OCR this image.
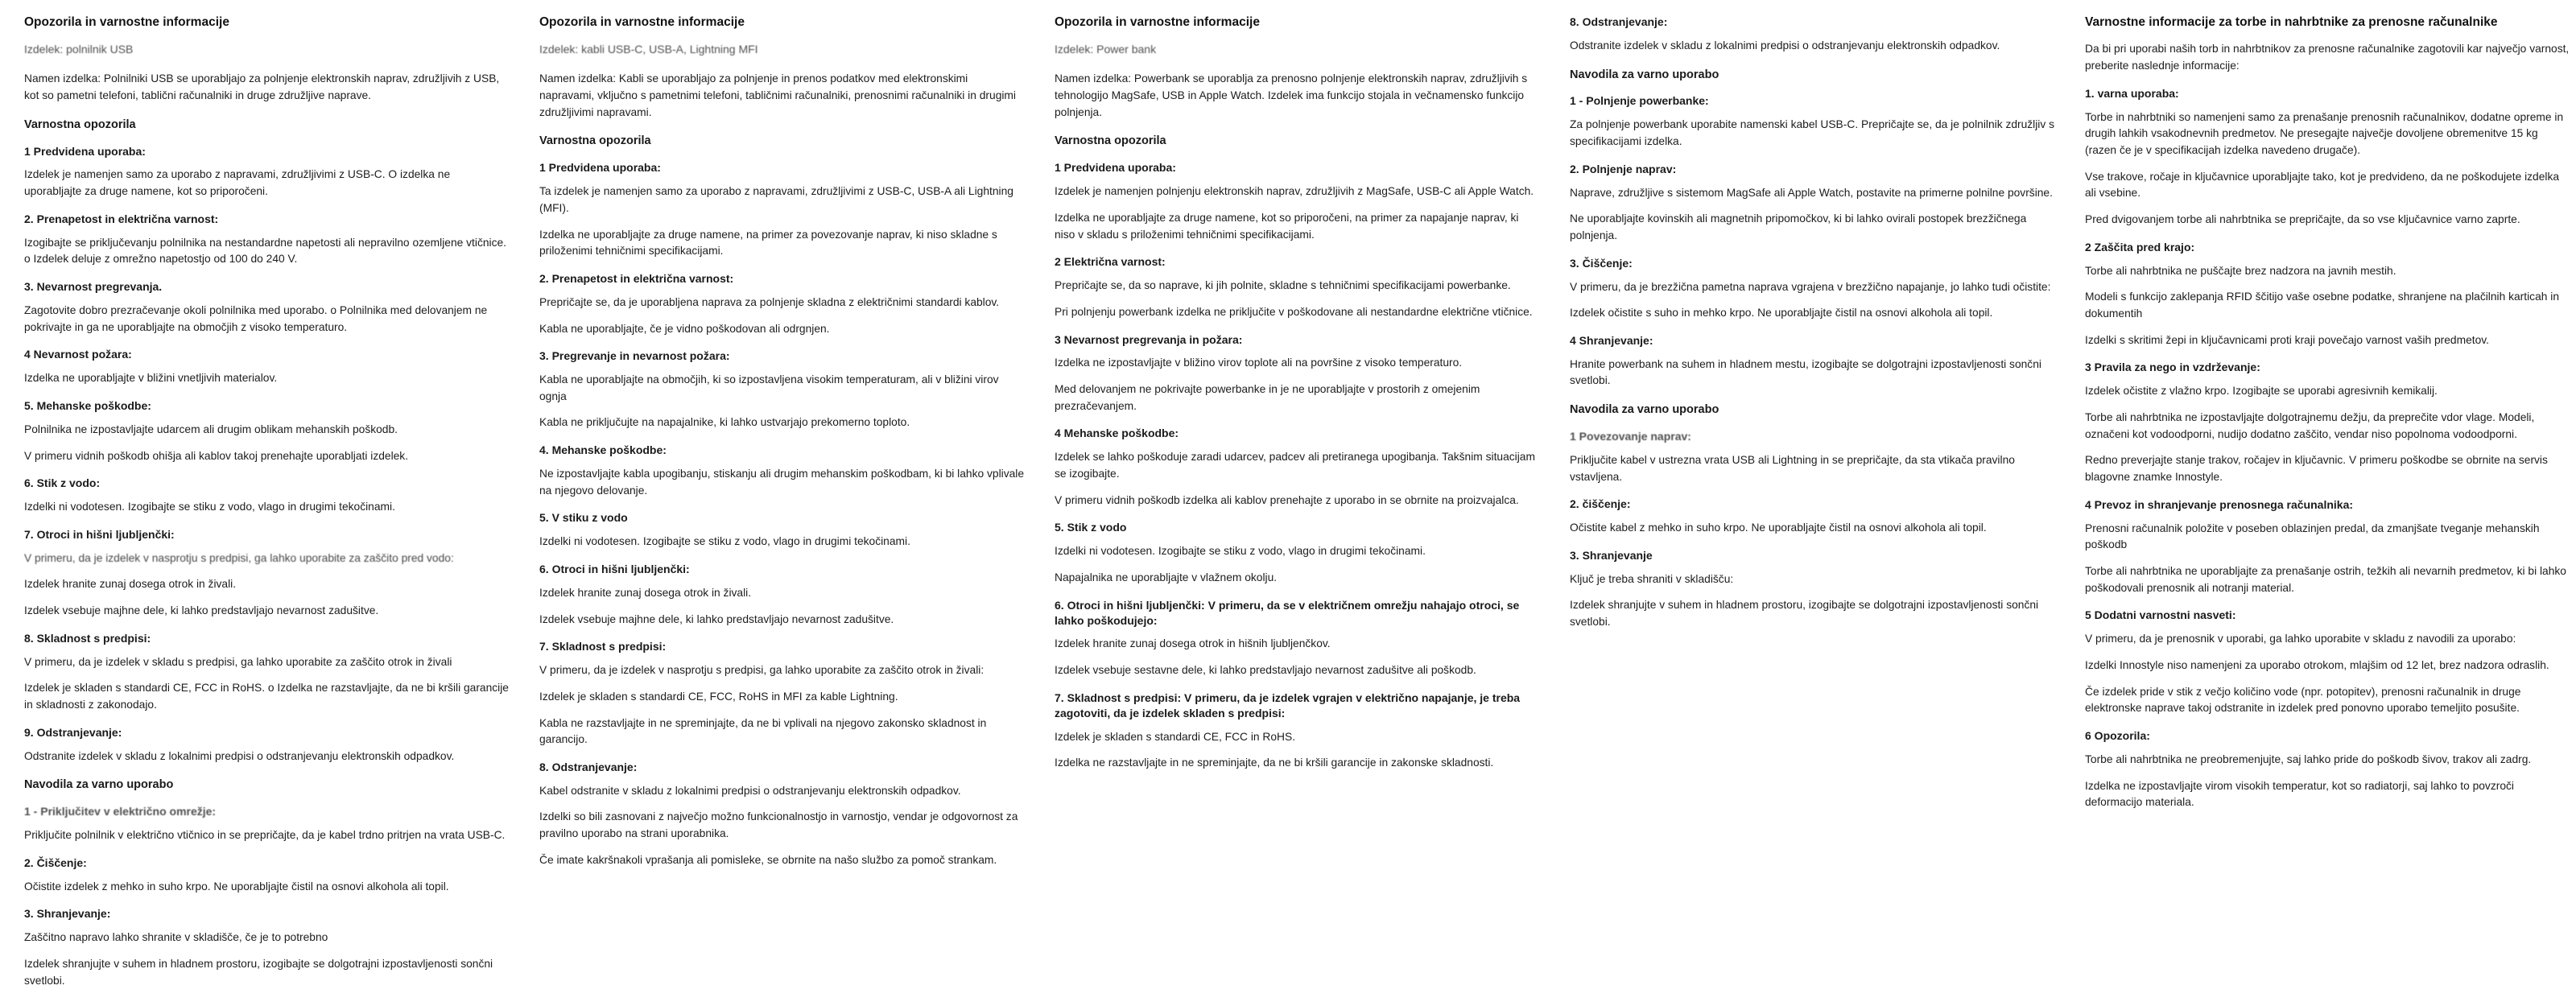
Opozorila in varnostne informacije
Izdelek: polnilnik USB

Namen izdelka: Polnilniki USB se uporabljajo za polnjenje elektronskih naprav, združljivih z USB, kot so pametni telefoni, tablični računalniki in druge združljive naprave.

Varnostna opozorila
1 Predvidena uporaba:

Izdelek je namenjen samo za uporabo z napravami, združljivimi z USB-C. O izdelka ne uporabljajte za druge namene, kot so priporočeni.

2. Prenapetost in električna varnost:

Izogibajte se priključevanju polnilnika na nestandardne napetosti ali nepravilno ozemljene vtičnice. o Izdelek deluje z omrežno napetostjo od 100 do 240 V.

3. Nevarnost pregrevanja.

Zagotovite dobro prezračevanje okoli polnilnika med uporabo. o Polnilnika med delovanjem ne pokrivajte in ga ne uporabljajte na območjih z visoko temperaturo.

4 Nevarnost požara:

Izdelka ne uporabljajte v bližini vnetljivih materialov.

5. Mehanske poškodbe:

Polnilnika ne izpostavljajte udarcem ali drugim oblikam mehanskih poškodb.

V primeru vidnih poškodb ohišja ali kablov takoj prenehajte uporabljati izdelek.

6. Stik z vodo:

Izdelki ni vodotesen. Izogibajte se stiku z vodo, vlago in drugimi tekočinami.

7. Otroci in hišni ljubljenčki:

V primeru, da je izdelek v nasprotju s predpisi, ga lahko uporabite za zaščito pred vodo:

Izdelek hranite zunaj dosega otrok in živali.

Izdelek vsebuje majhne dele, ki lahko predstavljajo nevarnost zadušitve.

8. Skladnost s predpisi:

V primeru, da je izdelek v skladu s predpisi, ga lahko uporabite za zaščito otrok in živali

Izdelek je skladen s standardi CE, FCC in RoHS. o Izdelka ne razstavljajte, da ne bi kršili garancije in skladnosti z zakonodajo.

9. Odstranjevanje:

Odstranite izdelek v skladu z lokalnimi predpisi o odstranjevanju elektronskih odpadkov.

Navodila za varno uporabo
1 - Priključitev v električno omrežje:

Priključite polnilnik v električno vtičnico in se prepričajte, da je kabel trdno pritrjen na vrata USB-C.

2. Čiščenje:

Očistite izdelek z mehko in suho krpo. Ne uporabljajte čistil na osnovi alkohola ali topil.

3. Shranjevanje:

Zaščitno napravo lahko shranite v skladišče, če je to potrebno

Izdelek shranjujte v suhem in hladnem prostoru, izogibajte se dolgotrajni izpostavljenosti sončni svetlobi.

Opozorila in varnostne informacije
Izdelek: kabli USB-C, USB-A, Lightning MFI

Namen izdelka: Kabli se uporabljajo za polnjenje in prenos podatkov med elektronskimi napravami, vključno s pametnimi telefoni, tabličnimi računalniki, prenosnimi računalniki in drugimi združljivimi napravami.

Varnostna opozorila
1 Predvidena uporaba:

Ta izdelek je namenjen samo za uporabo z napravami, združljivimi z USB-C, USB-A ali Lightning (MFI).

Izdelka ne uporabljajte za druge namene, na primer za povezovanje naprav, ki niso skladne s priloženimi tehničnimi specifikacijami.

2. Prenapetost in električna varnost:

Prepričajte se, da je uporabljena naprava za polnjenje skladna z električnimi standardi kablov.

Kabla ne uporabljajte, če je vidno poškodovan ali odrgnjen.

3. Pregrevanje in nevarnost požara:

Kabla ne uporabljajte na območjih, ki so izpostavljena visokim temperaturam, ali v bližini virov ognja

Kabla ne priključujte na napajalnike, ki lahko ustvarjajo prekomerno toploto.

4. Mehanske poškodbe:

Ne izpostavljajte kabla upogibanju, stiskanju ali drugim mehanskim poškodbam, ki bi lahko vplivale na njegovo delovanje.

5. V stiku z vodo

Izdelki ni vodotesen. Izogibajte se stiku z vodo, vlago in drugimi tekočinami.

6. Otroci in hišni ljubljenčki:

Izdelek hranite zunaj dosega otrok in živali.

Izdelek vsebuje majhne dele, ki lahko predstavljajo nevarnost zadušitve.

7. Skladnost s predpisi:

V primeru, da je izdelek v nasprotju s predpisi, ga lahko uporabite za zaščito otrok in živali:

Izdelek je skladen s standardi CE, FCC, RoHS in MFI za kable Lightning.

Kabla ne razstavljajte in ne spreminjajte, da ne bi vplivali na njegovo zakonsko skladnost in garancijo.

8. Odstranjevanje:

Kabel odstranite v skladu z lokalnimi predpisi o odstranjevanju elektronskih odpadkov.

Izdelki so bili zasnovani z največjo možno funkcionalnostjo in varnostjo, vendar je odgovornost za pravilno uporabo na strani uporabnika.

Če imate kakršnakoli vprašanja ali pomisleke, se obrnite na našo službo za pomoč strankam.

Opozorila in varnostne informacije
Izdelek: Power bank

Namen izdelka: Powerbank se uporablja za prenosno polnjenje elektronskih naprav, združljivih s tehnologijo MagSafe, USB in Apple Watch. Izdelek ima funkcijo stojala in večnamensko funkcijo polnjenja.

Varnostna opozorila
1 Predvidena uporaba:

Izdelek je namenjen polnjenju elektronskih naprav, združljivih z MagSafe, USB-C ali Apple Watch.

Izdelka ne uporabljajte za druge namene, kot so priporočeni, na primer za napajanje naprav, ki niso v skladu s priloženimi tehničnimi specifikacijami.

2 Električna varnost:

Prepričajte se, da so naprave, ki jih polnite, skladne s tehničnimi specifikacijami powerbanke.

Pri polnjenju powerbank izdelka ne priključite v poškodovane ali nestandardne električne vtičnice.

3 Nevarnost pregrevanja in požara:

Izdelka ne izpostavljajte v bližino virov toplote ali na površine z visoko temperaturo.

Med delovanjem ne pokrivajte powerbanke in je ne uporabljajte v prostorih z omejenim prezračevanjem.

4 Mehanske poškodbe:

Izdelek se lahko poškoduje zaradi udarcev, padcev ali pretiranega upogibanja. Takšnim situacijam se izogibajte.

V primeru vidnih poškodb izdelka ali kablov prenehajte z uporabo in se obrnite na proizvajalca.

5. Stik z vodo

Izdelki ni vodotesen. Izogibajte se stiku z vodo, vlago in drugimi tekočinami.

Napajalnika ne uporabljajte v vlažnem okolju.

6. Otroci in hišni ljubljenčki: V primeru, da se v električnem omrežju nahajajo otroci, se lahko poškodujejo:

Izdelek hranite zunaj dosega otrok in hišnih ljubljenčkov.

Izdelek vsebuje sestavne dele, ki lahko predstavljajo nevarnost zadušitve ali poškodb.

7. Skladnost s predpisi: V primeru, da je izdelek vgrajen v električno napajanje, je treba zagotoviti, da je izdelek skladen s predpisi:

Izdelek je skladen s standardi CE, FCC in RoHS.

Izdelka ne razstavljajte in ne spreminjajte, da ne bi kršili garancije in zakonske skladnosti.

8. Odstranjevanje:

Odstranite izdelek v skladu z lokalnimi predpisi o odstranjevanju elektronskih odpadkov.

Navodila za varno uporabo
1 - Polnjenje powerbanke:

Za polnjenje powerbank uporabite namenski kabel USB-C. Prepričajte se, da je polnilnik združljiv s specifikacijami izdelka.

2. Polnjenje naprav:

Naprave, združljive s sistemom MagSafe ali Apple Watch, postavite na primerne polnilne površine.

Ne uporabljajte kovinskih ali magnetnih pripomočkov, ki bi lahko ovirali postopek brezžičnega polnjenja.

3. Čiščenje:

V primeru, da je brezžična pametna naprava vgrajena v brezžično napajanje, jo lahko tudi očistite:

Izdelek očistite s suho in mehko krpo. Ne uporabljajte čistil na osnovi alkohola ali topil.

4 Shranjevanje:

Hranite powerbank na suhem in hladnem mestu, izogibajte se dolgotrajni izpostavljenosti sončni svetlobi.

Navodila za varno uporabo
1 Povezovanje naprav:

Priključite kabel v ustrezna vrata USB ali Lightning in se prepričajte, da sta vtikača pravilno vstavljena.

2. čiščenje:

Očistite kabel z mehko in suho krpo. Ne uporabljajte čistil na osnovi alkohola ali topil.

3. Shranjevanje

Ključ je treba shraniti v skladišču:

Izdelek shranjujte v suhem in hladnem prostoru, izogibajte se dolgotrajni izpostavljenosti sončni svetlobi.

Varnostne informacije za torbe in nahrbtnike za prenosne računalnike

Da bi pri uporabi naših torb in nahrbtnikov za prenosne računalnike zagotovili kar največjo varnost, preberite naslednje informacije:

1. varna uporaba:

Torbe in nahrbtniki so namenjeni samo za prenašanje prenosnih računalnikov, dodatne opreme in drugih lahkih vsakodnevnih predmetov. Ne presegajte največje dovoljene obremenitve 15 kg (razen če je v specifikacijah izdelka navedeno drugače).

Vse trakove, ročaje in ključavnice uporabljajte tako, kot je predvideno, da ne poškodujete izdelka ali vsebine.

Pred dvigovanjem torbe ali nahrbtnika se prepričajte, da so vse ključavnice varno zaprte.

2 Zaščita pred krajo:

Torbe ali nahrbtnika ne puščajte brez nadzora na javnih mestih.

Modeli s funkcijo zaklepanja RFID ščitijo vaše osebne podatke, shranjene na plačilnih karticah in dokumentih

Izdelki s skritimi žepi in ključavnicami proti kraji povečajo varnost vaših predmetov.

3 Pravila za nego in vzdrževanje:

Izdelek očistite z vlažno krpo. Izogibajte se uporabi agresivnih kemikalij.

Torbe ali nahrbtnika ne izpostavljajte dolgotrajnemu dežju, da preprečite vdor vlage. Modeli, označeni kot vodoodporni, nudijo dodatno zaščito, vendar niso popolnoma vodoodporni.

Redno preverjajte stanje trakov, ročajev in ključavnic. V primeru poškodbe se obrnite na servis blagovne znamke Innostyle.

4 Prevoz in shranjevanje prenosnega računalnika:

Prenosni računalnik položite v poseben oblazinjen predal, da zmanjšate tveganje mehanskih poškodb

Torbe ali nahrbtnika ne uporabljajte za prenašanje ostrih, težkih ali nevarnih predmetov, ki bi lahko poškodovali prenosnik ali notranji material.

5 Dodatni varnostni nasveti:

V primeru, da je prenosnik v uporabi, ga lahko uporabite v skladu z navodili za uporabo:

Izdelki Innostyle niso namenjeni za uporabo otrokom, mlajšim od 12 let, brez nadzora odraslih.

Če izdelek pride v stik z večjo količino vode (npr. potopitev), prenosni računalnik in druge elektronske naprave takoj odstranite in izdelek pred ponovno uporabo temeljito posušite.

6 Opozorila:

Torbe ali nahrbtnika ne preobremenjujte, saj lahko pride do poškodb šivov, trakov ali zadrg.

Izdelka ne izpostavljajte virom visokih temperatur, kot so radiatorji, saj lahko to povzroči deformacijo materiala.
